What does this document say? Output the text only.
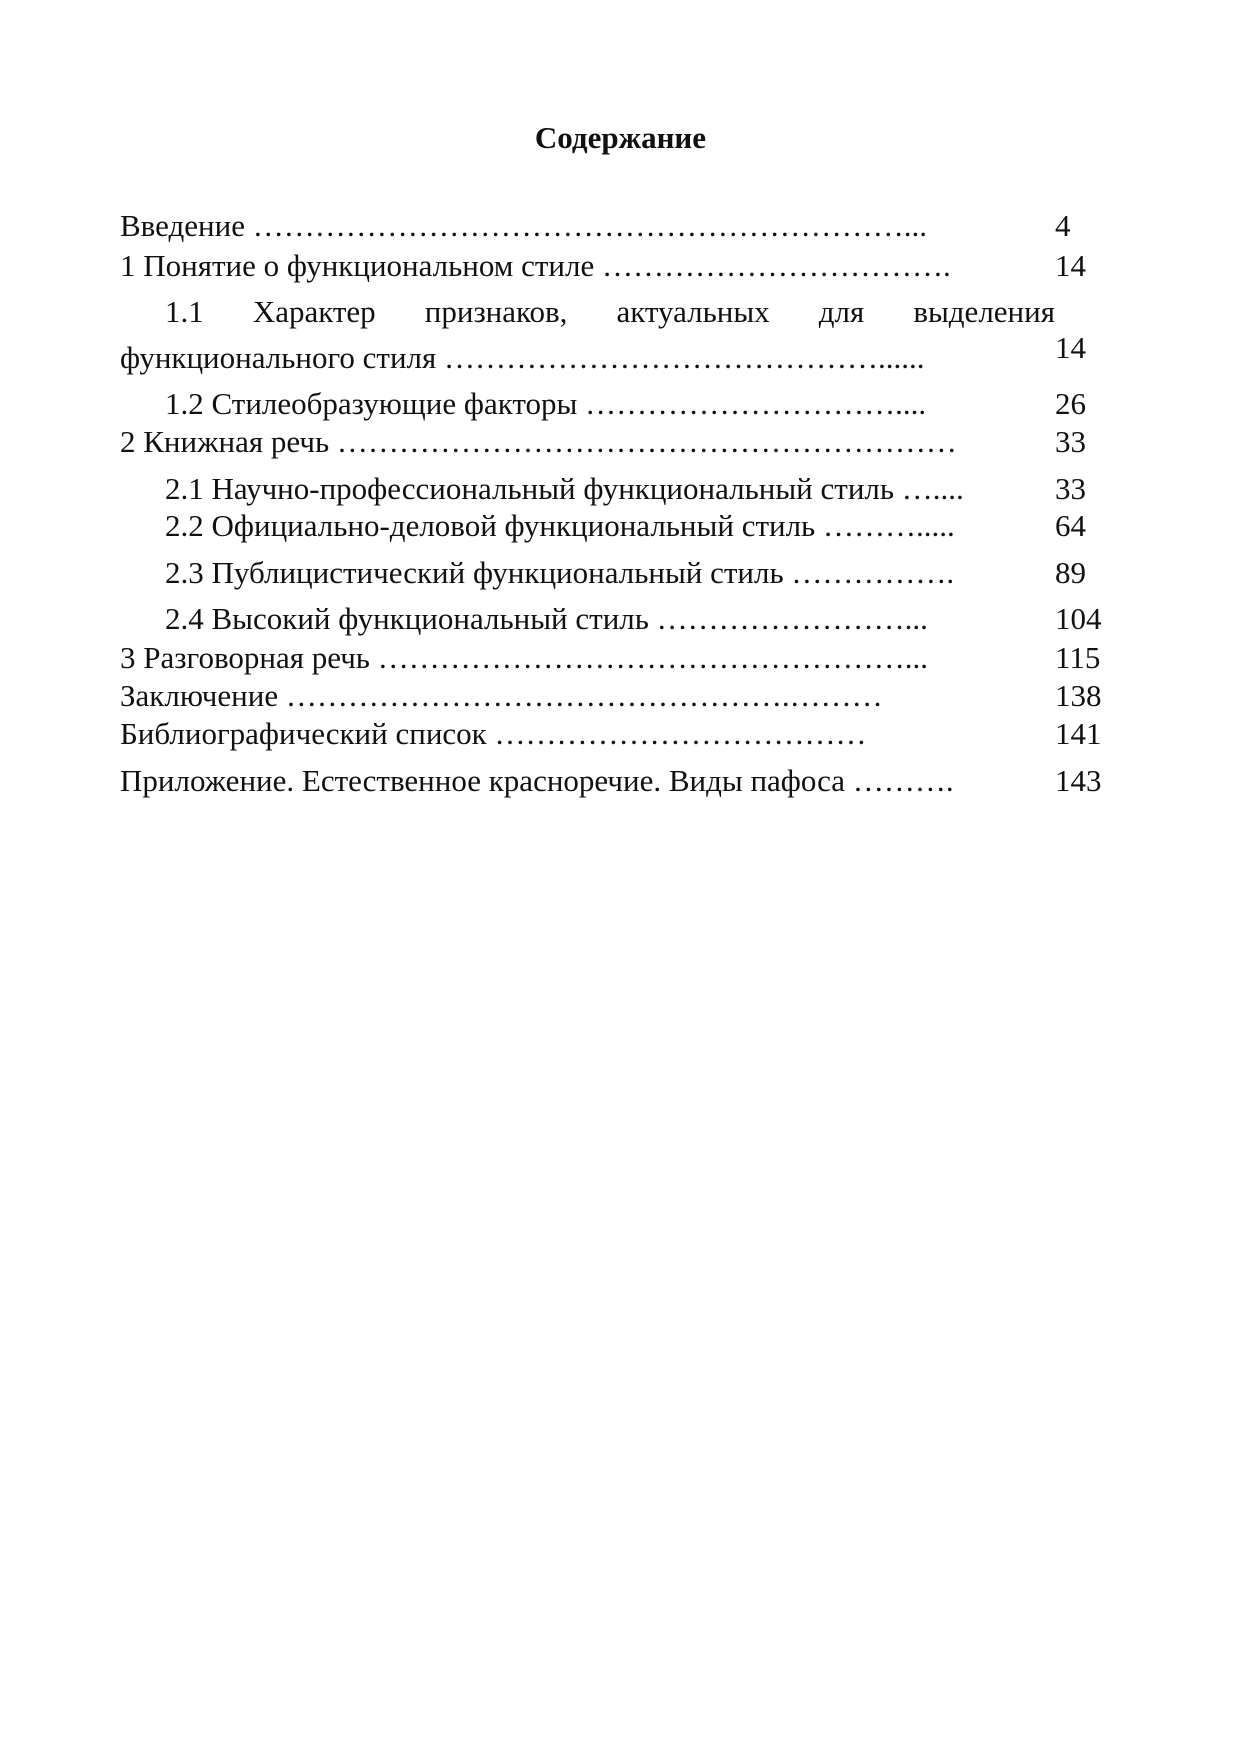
Содержание
Введение ………………………………………………………...	4
1 Понятие о функциональном стиле …………………………….	14
1.1 Характер признаков, актуальных для выделения
функционального стиля ……………………………………......	14
1.2 Стилеобразующие факторы …………………………....	26
2 Книжная речь ……………………………………………………	33
2.1 Научно-профессиональный функциональный стиль …....	33
2.2 Официально-деловой функциональный стиль ……….....	64
2.3 Публицистический функциональный стиль …………….	89
2.4 Высокий функциональный стиль ……………………...	104
3 Разговорная речь ……………………………………………...	115
Заключение ………………………………………….………	138
Библиографический список ………………………………	141
Приложение. Естественное красноречие. Виды пафоса ……….	143
